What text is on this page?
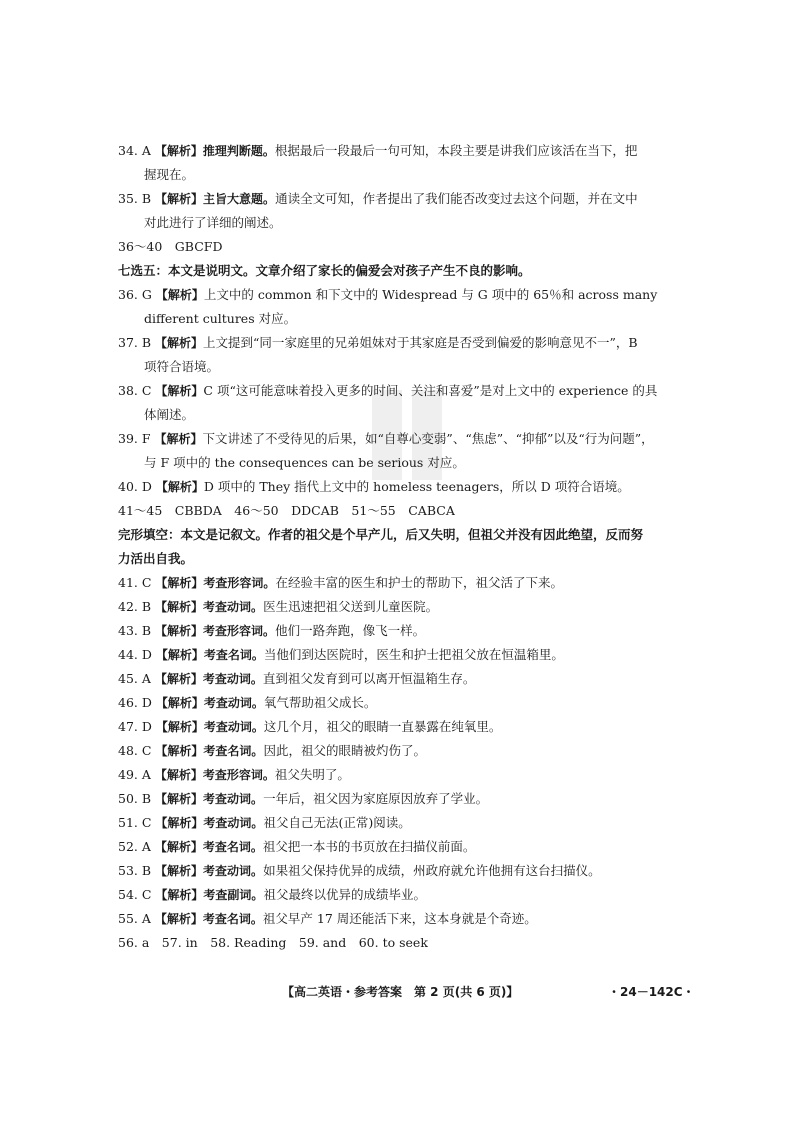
34. A 【解析】推理判断题。根据最后一段最后一句可知，本段主要是讲我们应该活在当下，把
握现在。
35. B 【解析】主旨大意题。通读全文可知，作者提出了我们能否改变过去这个问题，并在文中
对此进行了详细的阐述。
36～40　GBCFD
七选五：本文是说明文。文章介绍了家长的偏爱会对孩子产生不良的影响。
36. G 【解析】上文中的 common 和下文中的 Widespread 与 G 项中的 65％和 across many
different cultures 对应。
37. B 【解析】上文提到“同一家庭里的兄弟姐妹对于其家庭是否受到偏爱的影响意见不一”，B
项符合语境。
38. C 【解析】C 项“这可能意味着投入更多的时间、关注和喜爱”是对上文中的 experience 的具
体阐述。
39. F 【解析】下文讲述了不受待见的后果，如“自尊心变弱”、“焦虑”、“抑郁”以及“行为问题”，
与 F 项中的 the consequences can be serious 对应。
40. D 【解析】D 项中的 They 指代上文中的 homeless teenagers，所以 D 项符合语境。
41～45　CBBDA　46～50　DDCAB　51～55　CABCA
完形填空：本文是记叙文。作者的祖父是个早产儿，后又失明，但祖父并没有因此绝望，反而努
力活出自我。
41. C 【解析】考查形容词。在经验丰富的医生和护士的帮助下，祖父活了下来。
42. B 【解析】考查动词。医生迅速把祖父送到儿童医院。
43. B 【解析】考查形容词。他们一路奔跑，像飞一样。
44. D 【解析】考查名词。当他们到达医院时，医生和护士把祖父放在恒温箱里。
45. A 【解析】考查动词。直到祖父发育到可以离开恒温箱生存。
46. D 【解析】考查动词。氧气帮助祖父成长。
47. D 【解析】考查动词。这几个月，祖父的眼睛一直暴露在纯氧里。
48. C 【解析】考查名词。因此，祖父的眼睛被灼伤了。
49. A 【解析】考查形容词。祖父失明了。
50. B 【解析】考查动词。一年后，祖父因为家庭原因放弃了学业。
51. C 【解析】考查动词。祖父自己无法(正常)阅读。
52. A 【解析】考查名词。祖父把一本书的书页放在扫描仪前面。
53. B 【解析】考查动词。如果祖父保持优异的成绩，州政府就允许他拥有这台扫描仪。
54. C 【解析】考查副词。祖父最终以优异的成绩毕业。
55. A 【解析】考查名词。祖父早产 17 周还能活下来，这本身就是个奇迹。
56. a　57. in　58. Reading　59. and　60. to seek
【高二英语・参考答案　第 2 页(共 6 页)】	・24－142C・
